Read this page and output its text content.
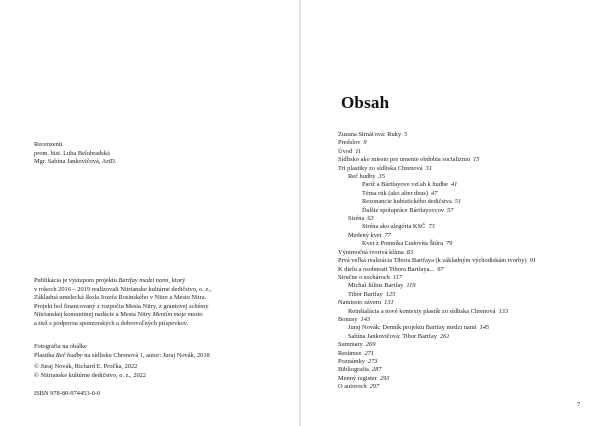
Recenzenti
prom. hist. Luba Belohradská
Mgr. Sabína Jankovičová, ArtD.
Publikácia je výstupom projektu Bartfay medzi nami, ktorý
v rokoch 2016 – 2019 realizovali Nitrianske kultúrne dedičstvo, o. z.,
Základná umelecká škola Jozefa Rosinského v Nitre a Mesto Nitra.
Projekt bol financovaný z rozpočtu Mesta Nitry, z grantovej schémy
Nitrianskej komunitnej nadácie a Mesta Nitry Meniím moje mesto
a tiež s podporou sponzorských a dobrovoľných príspevkov.
Fotografia na obálke
Plastika Reč hudby na sídlisku Chrenová 1, autor: Juraj Novák, 2018
© Juraj Novák, Richard E. Pročka, 2022
© Nitrianske kultúrne dedičstvo, o. z., 2022
ISBN 978-80-974453-0-0
Obsah
Zuzana Strnáťová: Ruky 5
Predslov 9
Úvod 11
Sídlisko ako miesto pre umenie obdobia socializmu 15
Tri plastiky zo sídliska Chrenová 31
Reč hudby 35
Paríž a Bártfayove vzťah k hudbe 41
Téma rúk (ako alter deus) 47
Rezonancie kubistického dedičstva 51
Ďalšie spolupráce Bártfayovcov 57
Siréna 63
Siréna ako alegória KSČ 73
Medený kvet 77
Kvet z Pomníka Ľudovíta Štúra 79
Výnimočná tvorivá klíma 83
Prvá veľká realizácia Tibora Bartfaya (k základným východiskám tvorby) 91
K dielu a osobnosti Tibora Bartfaya... 97
Stručne o sochároch 117
Michal Július Bartfay 119
Tibor Bartfay 125
Namiesto záveru 131
Reinštalácia a nové kontexty plastík zo sídliska Chrenová 133
Bonusy 143
Juraj Novák: Denník projektu Bartfay medzi nami 145
Sabína Jankovičová: Tibor Bartfay 261
Summary 269
Resümee 271
Poznámky 273
Bibliografia 287
Menný register 293
O autoroch 297
7
